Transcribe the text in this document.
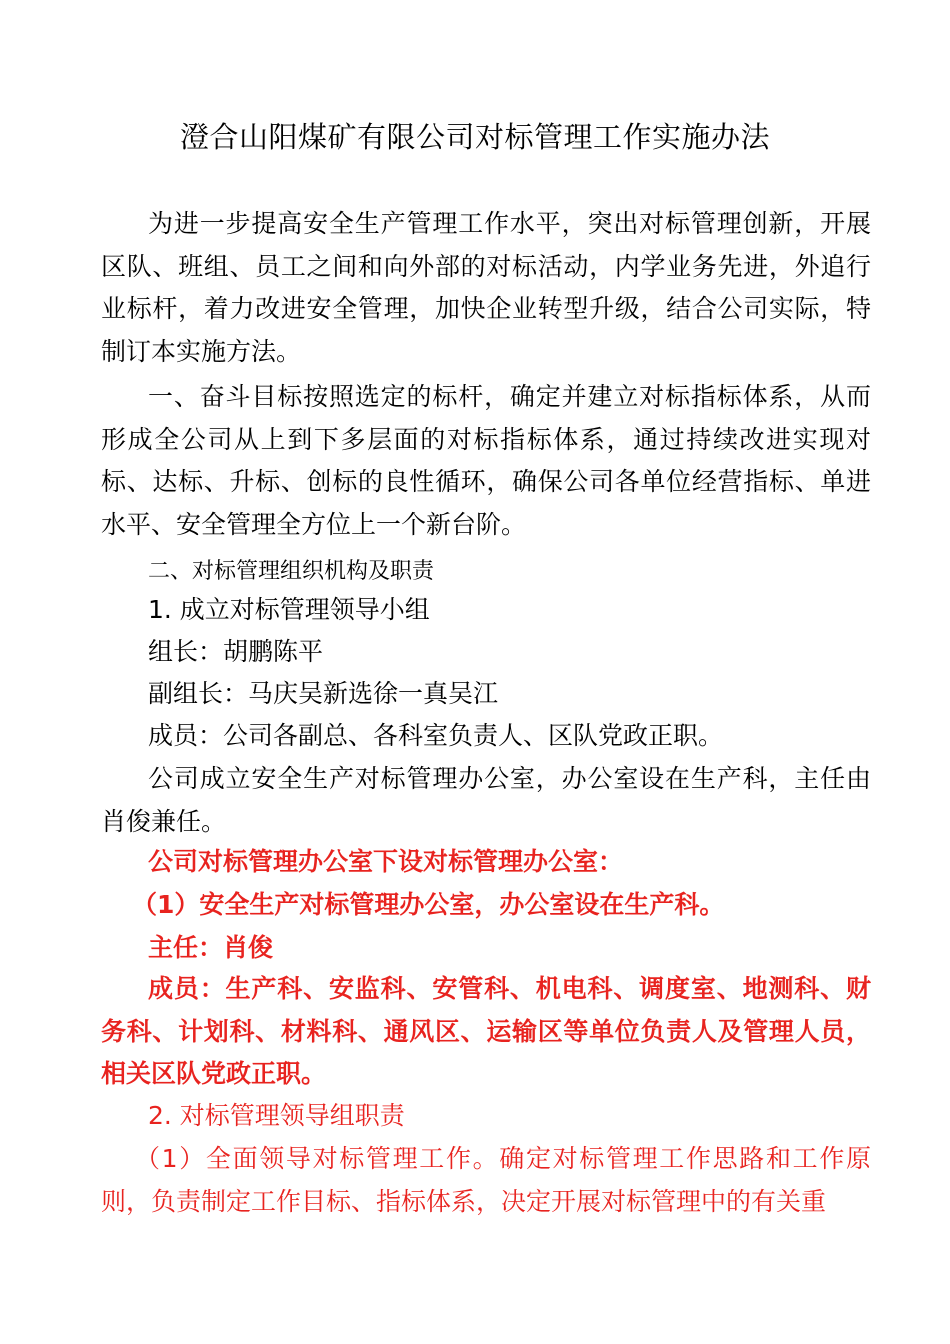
澄合山阳煤矿有限公司对标管理工作实施办法

为进一步提高安全生产管理工作水平，突出对标管理创新，开展区队、班组、员工之间和向外部的对标活动，内学业务先进，外追行业标杆，着力改进安全管理，加快企业转型升级，结合公司实际，特制订本实施方法。

一、奋斗目标按照选定的标杆，确定并建立对标指标体系，从而形成全公司从上到下多层面的对标指标体系，通过持续改进实现对标、达标、升标、创标的良性循环，确保公司各单位经营指标、单进水平、安全管理全方位上一个新台阶。

二、对标管理组织机构及职责

1. 成立对标管理领导小组

组长：胡鹏陈平

副组长：马庆吴新选徐一真吴江

成员：公司各副总、各科室负责人、区队党政正职。

公司成立安全生产对标管理办公室，办公室设在生产科，主任由肖俊兼任。

公司对标管理办公室下设对标管理办公室：

（1）安全生产对标管理办公室，办公室设在生产科。

主任：肖俊

成员：生产科、安监科、安管科、机电科、调度室、地测科、财务科、计划科、材料科、通风区、运输区等单位负责人及管理人员，相关区队党政正职。

2. 对标管理领导组职责

（1）全面领导对标管理工作。确定对标管理工作思路和工作原则，负责制定工作目标、指标体系，决定开展对标管理中的有关重
